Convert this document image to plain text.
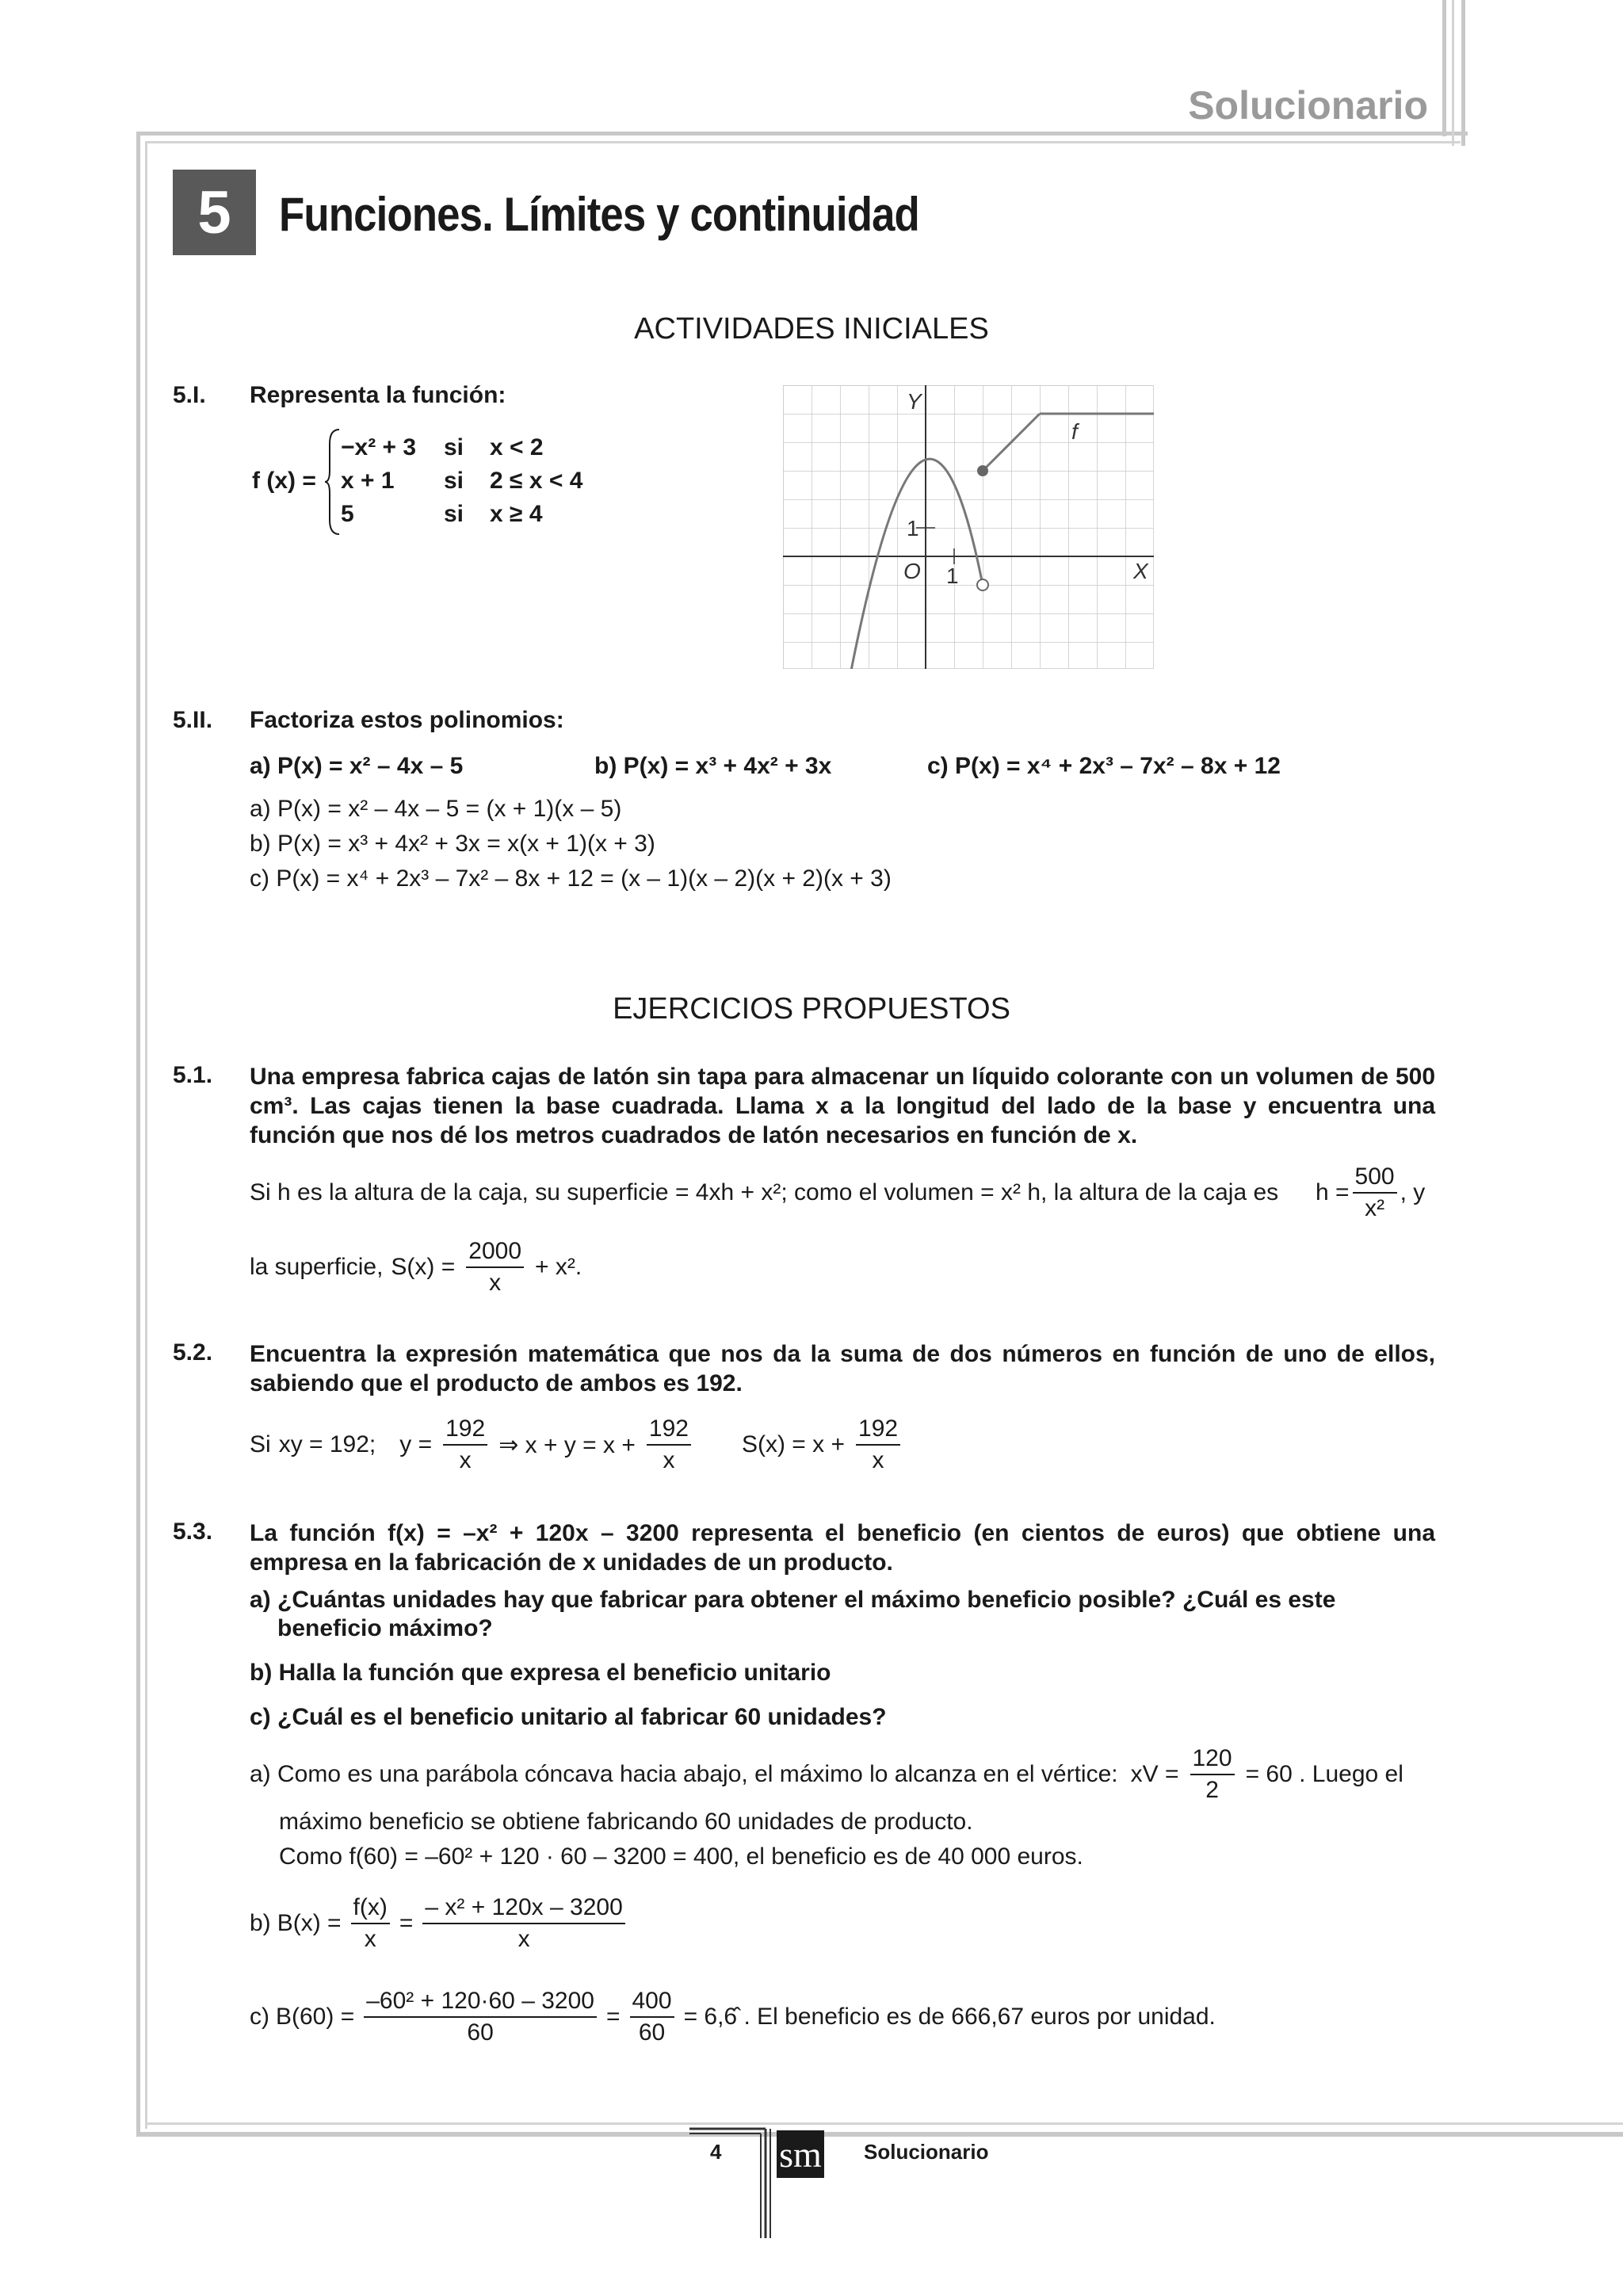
Solucionario
5	Funciones. Límites y continuidad
ACTIVIDADES INICIALES
5.I. Representa la función:
f (x) =
−x² + 3 si x < 2
x + 1 si 2 ≤ x < 4
5	si x ≥ 4
Y
X
O 1
1
f
5.II. Factoriza estos polinomios:
a) P(x) = x² – 4x – 5	b) P(x) = x³ + 4x² + 3x	c) P(x) = x⁴ + 2x³ – 7x² – 8x + 12
a) P(x) = x² – 4x – 5 = (x + 1)(x – 5)
b) P(x) = x³ + 4x² + 3x = x(x + 1)(x + 3)
c) P(x) = x⁴ + 2x³ – 7x² – 8x + 12 = (x – 1)(x – 2)(x + 2)(x + 3)
EJERCICIOS PROPUESTOS
5.1. Una empresa fabrica cajas de latón sin tapa para almacenar un líquido colorante con un volumen de 500 cm³. Las cajas tienen la base cuadrada. Llama x a la longitud del lado de la base y encuentra una función que nos dé los metros cuadrados de latón necesarios en función de x.
Si h es la altura de la caja, su superficie = 4xh + x²; como el volumen = x² h, la altura de la caja es $h = \frac{500}{\text{x²}}$ , y
la superficie, $S(x) = \frac{2000}{x} + x^2$.
5.2. Encuentra la expresión matemática que nos da la suma de dos números en función de uno de ellos, sabiendo que el producto de ambos es 192.
Si xy = 192; $y = \frac{192}{x}$ ⇒ $x + y = x + \frac{192}{x} S(x) = x + \frac{192}{x}$
5.3. La función f(x) = –x² + 120x – 3200 representa el beneficio (en cientos de euros) que obtiene una empresa en la fabricación de x unidades de un producto.
a) ¿Cuántas unidades hay que fabricar para obtener el máximo beneficio posible? ¿Cuál es este
beneficio máximo?
b) Halla la función que expresa el beneficio unitario
c) ¿Cuál es el beneficio unitario al fabricar 60 unidades?
a) Como es una parábola cóncava hacia abajo, el máximo lo alcanza en el vértice: xV = $\frac{120}{2} = 60$ . Luego el
máximo beneficio se obtiene fabricando 60 unidades de producto.
Como f(60) = –60² + 120 · 60 – 3200 = 400, el beneficio es de 40 000 euros.
b) $B(x) = \frac{f(x)}{x} = \frac{\text{– x² + 120x – 3200}}{x}$
c) $B(60) = \frac{\text{–60² + 120·60 – 3200}}{60} = \frac{400}{60}$ = 6,6̂ . El beneficio es de 666,67 euros por unidad.
4 sm Solucionario
